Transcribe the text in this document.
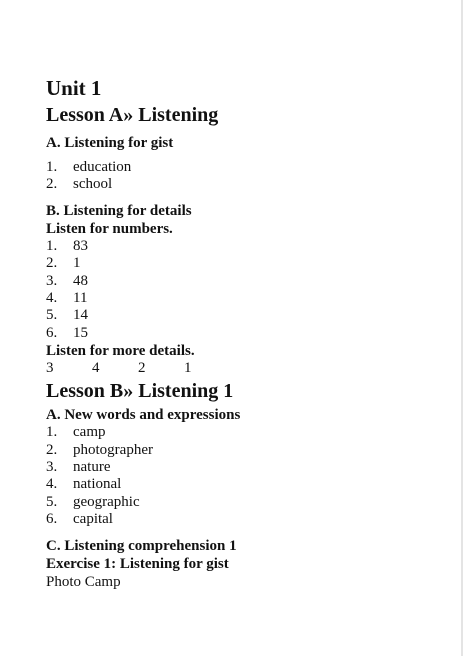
Unit 1
Lesson A» Listening
A. Listening for gist
1.	education
2.	school
B. Listening for details

Listen for numbers.

1.	83
2.	1
3.	48
4.	11
5.	14
6.	15

Listen for more details.

3	4	2	1
Lesson B» Listening 1
A. New words and expressions
1.	camp
2.	photographer
3.	nature
4.	national
5.	geographic
6.	capital
C. Listening comprehension 1

Exercise 1: Listening for gist

Photo Camp
